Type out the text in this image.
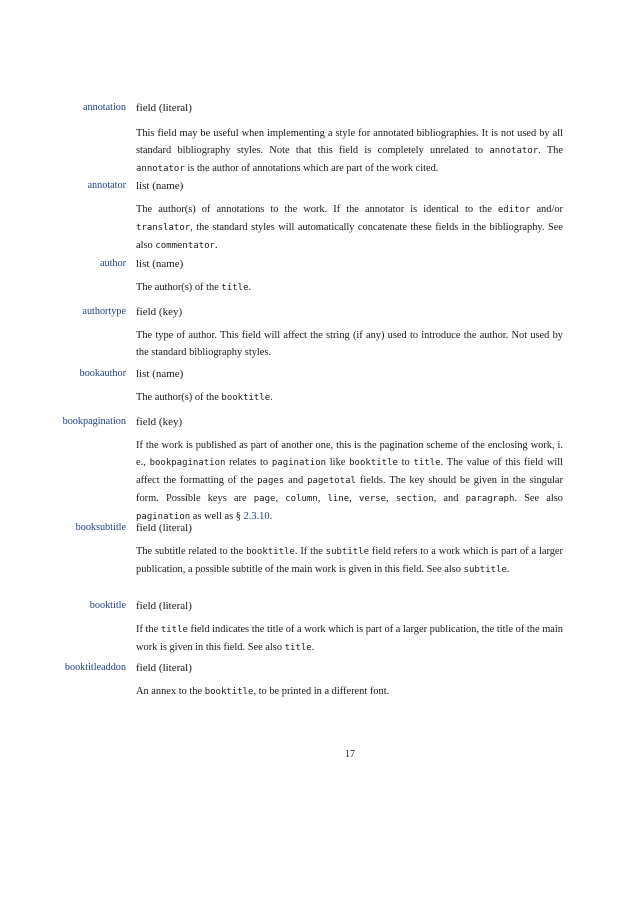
annotation field (literal)
This field may be useful when implementing a style for annotated bibliographies. It is not used by all standard bibliography styles. Note that this field is completely unrelated to annotator. The annotator is the author of annotations which are part of the work cited.
annotator list (name)
The author(s) of annotations to the work. If the annotator is identical to the editor and/or translator, the standard styles will automatically concatenate these fields in the bibliography. See also commentator.
author list (name)
The author(s) of the title.
authortype field (key)
The type of author. This field will affect the string (if any) used to introduce the author. Not used by the standard bibliography styles.
bookauthor list (name)
The author(s) of the booktitle.
bookpagination field (key)
If the work is published as part of another one, this is the pagination scheme of the enclosing work, i. e., bookpagination relates to pagination like booktitle to title. The value of this field will affect the formatting of the pages and pagetotal fields. The key should be given in the singular form. Possible keys are page, column, line, verse, section, and paragraph. See also pagination as well as § 2.3.10.
booksubtitle field (literal)
The subtitle related to the booktitle. If the subtitle field refers to a work which is part of a larger publication, a possible subtitle of the main work is given in this field. See also subtitle.
booktitle field (literal)
If the title field indicates the title of a work which is part of a larger publication, the title of the main work is given in this field. See also title.
booktitleaddon field (literal)
An annex to the booktitle, to be printed in a different font.
17
